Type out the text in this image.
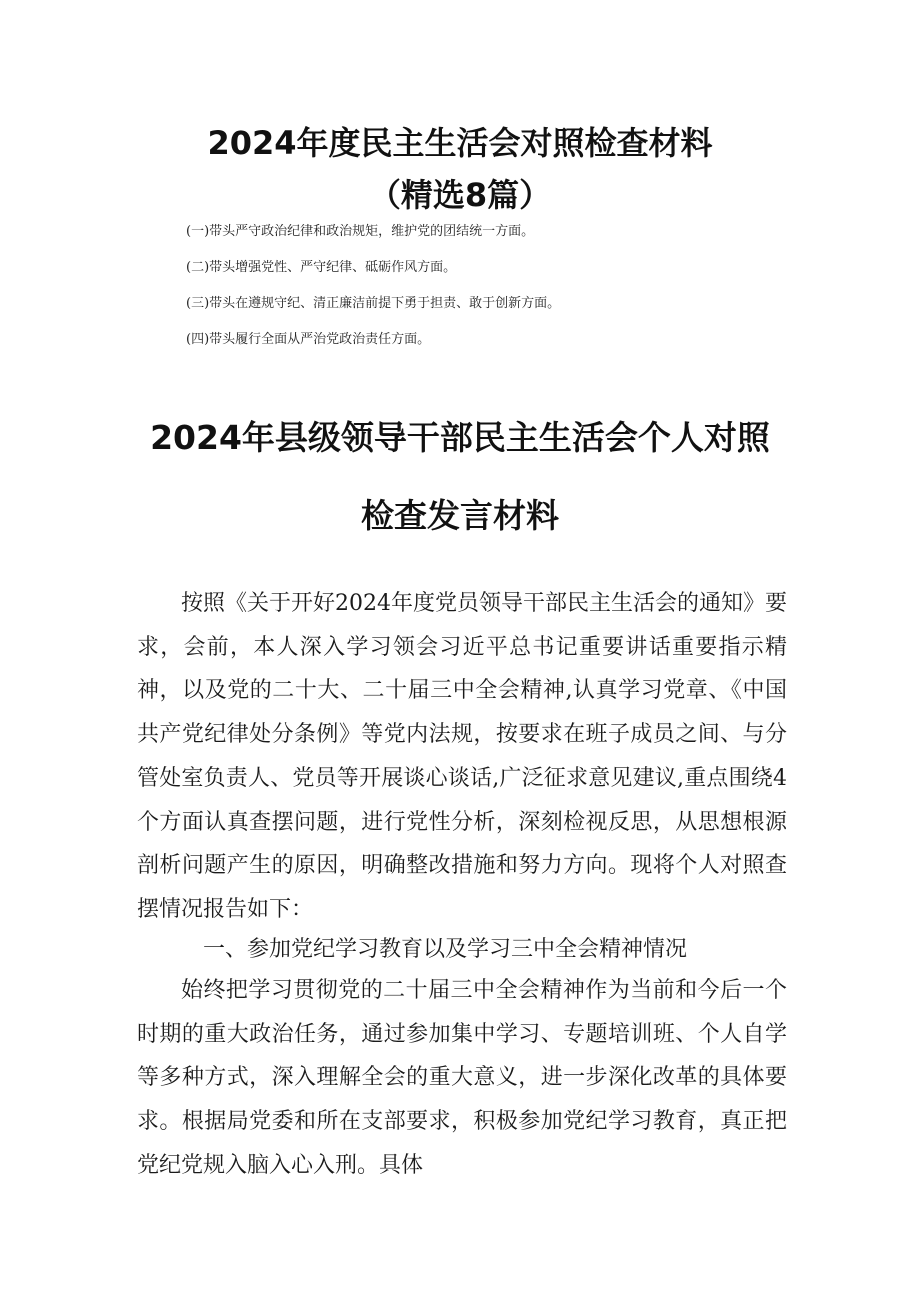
2024年度民主生活会对照检查材料
（精选8篇）
(一)带头严守政治纪律和政治规矩，维护党的团结统一方面。
(二)带头增强党性、严守纪律、砥砺作风方面。
(三)带头在遵规守纪、清正廉洁前提下勇于担责、敢于创新方面。
(四)带头履行全面从严治党政治责任方面。
2024年县级领导干部民主生活会个人对照
检查发言材料

按照《关于开好2024年度党员领导干部民主生活会的通知》要求，会前，本人深入学习领会习近平总书记重要讲话重要指示精神，以及党的二十大、二十届三中全会精神,认真学习党章、《中国共产党纪律处分条例》等党内法规，按要求在班子成员之间、与分管处室负责人、党员等开展谈心谈话,广泛征求意见建议,重点围绕4个方面认真查摆问题，进行党性分析，深刻检视反思，从思想根源剖析问题产生的原因，明确整改措施和努力方向。现将个人对照查摆情况报告如下：

一、参加党纪学习教育以及学习三中全会精神情况

始终把学习贯彻党的二十届三中全会精神作为当前和今后一个时期的重大政治任务，通过参加集中学习、专题培训班、个人自学等多种方式，深入理解全会的重大意义，进一步深化改革的具体要求。根据局党委和所在支部要求，积极参加党纪学习教育，真正把党纪党规入脑入心入刑。具体
